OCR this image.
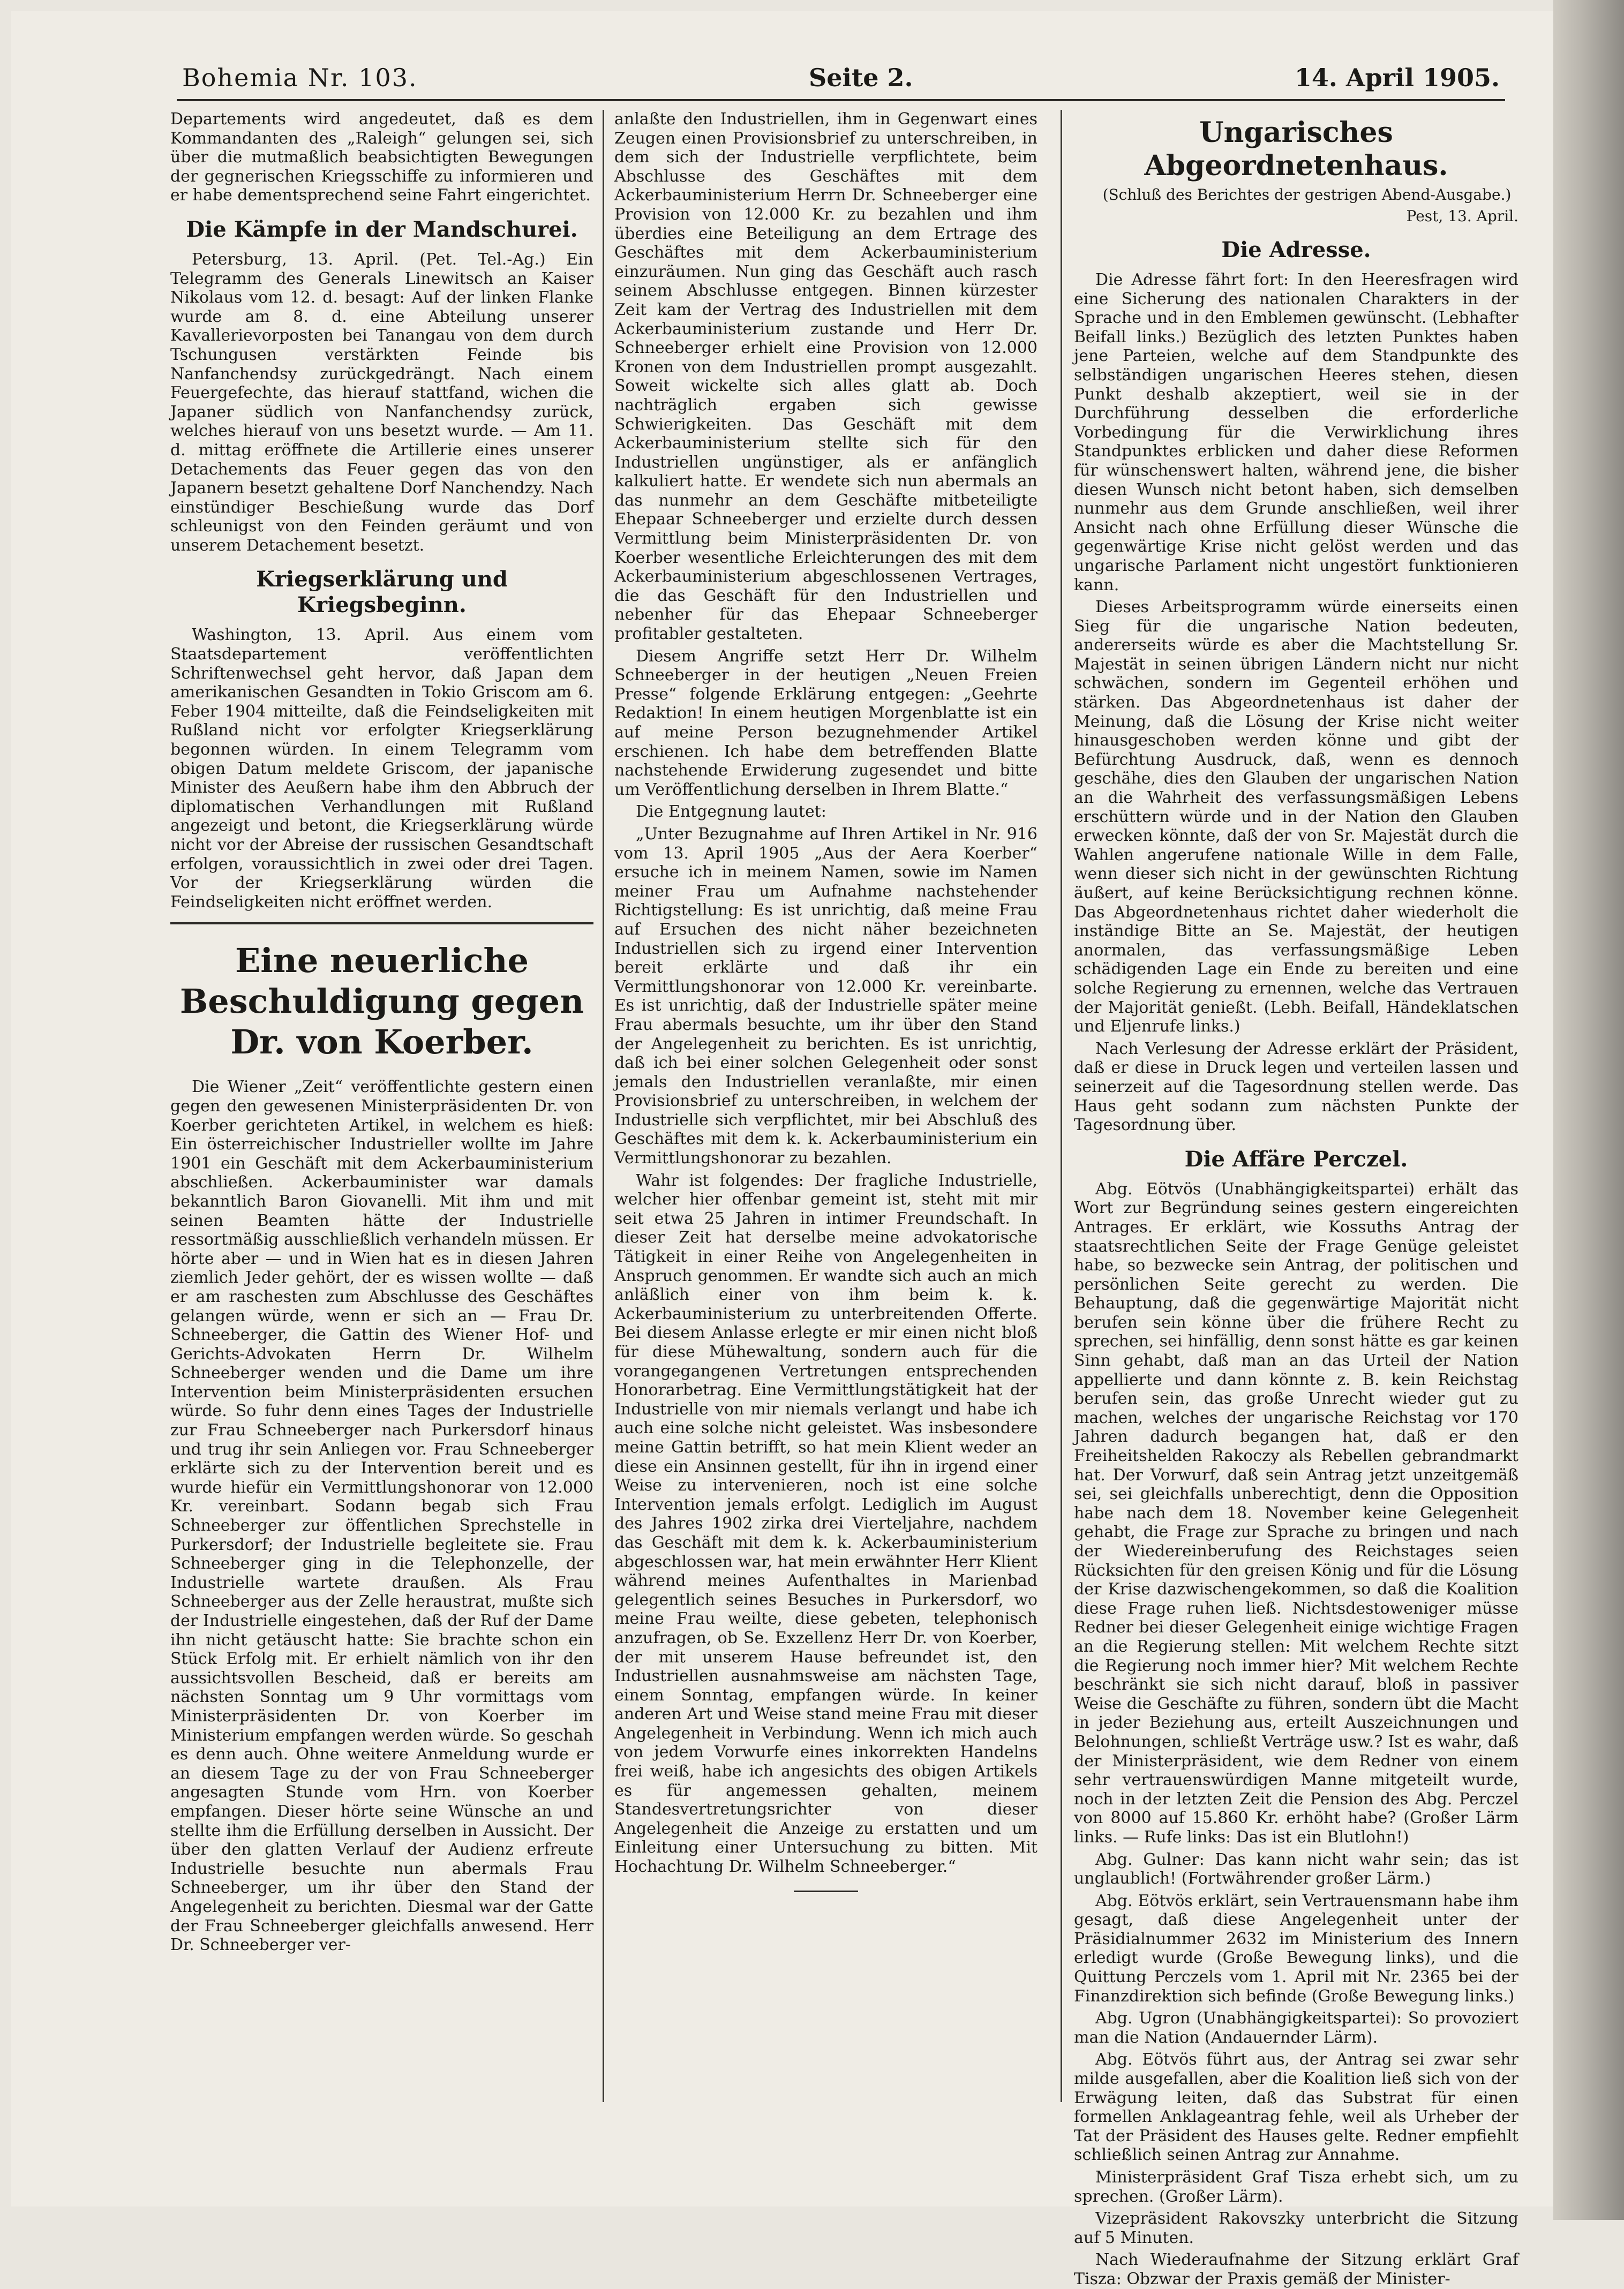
Bohemia Nr. 103.	Seite 2.	14. April 1905.

Departements wird angedeutet, daß es dem Kommandanten des „Raleigh“ gelungen sei, sich über die mutmaßlich beabsichtigten Bewegungen der gegnerischen Kriegsschiffe zu informieren und er habe dementsprechend seine Fahrt eingerichtet.

Die Kämpfe in der Mandschurei.

Petersburg, 13. April. (Pet. Tel.-Ag.) Ein Telegramm des Generals Linewitsch an Kaiser Nikolaus vom 12. d. besagt: Auf der linken Flanke wurde am 8. d. eine Abteilung unserer Kavallerievorposten bei Tanangau von dem durch Tschungusen verstärkten Feinde bis Nanfanchendsy zurückgedrängt. Nach einem Feuergefechte, das hierauf stattfand, wichen die Japaner südlich von Nanfanchendsy zurück, welches hierauf von uns besetzt wurde. — Am 11. d. mittag eröffnete die Artillerie eines unserer Detachements das Feuer gegen das von den Japanern besetzt gehaltene Dorf Nanchendzy. Nach einstündiger Beschießung wurde das Dorf schleunigst von den Feinden geräumt und von unserem Detachement besetzt.

Kriegserklärung und Kriegsbeginn.

Washington, 13. April. Aus einem vom Staatsdepartement veröffentlichten Schriftenwechsel geht hervor, daß Japan dem amerikanischen Gesandten in Tokio Griscom am 6. Feber 1904 mitteilte, daß die Feindseligkeiten mit Rußland nicht vor erfolgter Kriegserklärung begonnen würden. In einem Telegramm vom obigen Datum meldete Griscom, der japanische Minister des Aeußern habe ihm den Abbruch der diplomatischen Verhandlungen mit Rußland angezeigt und betont, die Kriegserklärung würde nicht vor der Abreise der russischen Gesandtschaft erfolgen, voraussichtlich in zwei oder drei Tagen. Vor der Kriegserklärung würden die Feindseligkeiten nicht eröffnet werden.

Eine neuerliche Beschuldigung gegen Dr. von Koerber.

Die Wiener „Zeit“ veröffentlichte gestern einen gegen den gewesenen Ministerpräsidenten Dr. von Koerber gerichteten Artikel, in welchem es hieß: Ein österreichischer Industrieller wollte im Jahre 1901 ein Geschäft mit dem Ackerbauministerium abschließen. Ackerbauminister war damals bekanntlich Baron Giovanelli. Mit ihm und mit seinen Beamten hätte der Industrielle ressortmäßig ausschließlich verhandeln müssen. Er hörte aber — und in Wien hat es in diesen Jahren ziemlich Jeder gehört, der es wissen wollte — daß er am raschesten zum Abschlusse des Geschäftes gelangen würde, wenn er sich an — Frau Dr. Schneeberger, die Gattin des Wiener Hof- und Gerichts-Advokaten Herrn Dr. Wilhelm Schneeberger wenden und die Dame um ihre Intervention beim Ministerpräsidenten ersuchen würde. So fuhr denn eines Tages der Industrielle zur Frau Schneeberger nach Purkersdorf hinaus und trug ihr sein Anliegen vor. Frau Schneeberger erklärte sich zu der Intervention bereit und es wurde hiefür ein Vermittlungshonorar von 12.000 Kr. vereinbart. Sodann begab sich Frau Schneeberger zur öffentlichen Sprechstelle in Purkersdorf; der Industrielle begleitete sie. Frau Schneeberger ging in die Telephonzelle, der Industrielle wartete draußen. Als Frau Schneeberger aus der Zelle heraustrat, mußte sich der Industrielle eingestehen, daß der Ruf der Dame ihn nicht getäuscht hatte: Sie brachte schon ein Stück Erfolg mit. Er erhielt nämlich von ihr den aussichtsvollen Bescheid, daß er bereits am nächsten Sonntag um 9 Uhr vormittags vom Ministerpräsidenten Dr. von Koerber im Ministerium empfangen werden würde. So geschah es denn auch. Ohne weitere Anmeldung wurde er an diesem Tage zu der von Frau Schneeberger angesagten Stunde vom Hrn. von Koerber empfangen. Dieser hörte seine Wünsche an und stellte ihm die Erfüllung derselben in Aussicht. Der über den glatten Verlauf der Audienz erfreute Industrielle besuchte nun abermals Frau Schneeberger, um ihr über den Stand der Angelegenheit zu berichten. Diesmal war der Gatte der Frau Schneeberger gleichfalls anwesend. Herr Dr. Schneeberger ver-

anlaßte den Industriellen, ihm in Gegenwart eines Zeugen einen Provisionsbrief zu unterschreiben, in dem sich der Industrielle verpflichtete, beim Abschlusse des Geschäftes mit dem Ackerbauministerium Herrn Dr. Schneeberger eine Provision von 12.000 Kr. zu bezahlen und ihm überdies eine Beteiligung an dem Ertrage des Geschäftes mit dem Ackerbauministerium einzuräumen. Nun ging das Geschäft auch rasch seinem Abschlusse entgegen. Binnen kürzester Zeit kam der Vertrag des Industriellen mit dem Ackerbauministerium zustande und Herr Dr. Schneeberger erhielt eine Provision von 12.000 Kronen von dem Industriellen prompt ausgezahlt. Soweit wickelte sich alles glatt ab. Doch nachträglich ergaben sich gewisse Schwierigkeiten. Das Geschäft mit dem Ackerbauministerium stellte sich für den Industriellen ungünstiger, als er anfänglich kalkuliert hatte. Er wendete sich nun abermals an das nunmehr an dem Geschäfte mitbeteiligte Ehepaar Schneeberger und erzielte durch dessen Vermittlung beim Ministerpräsidenten Dr. von Koerber wesentliche Erleichterungen des mit dem Ackerbauministerium abgeschlossenen Vertrages, die das Geschäft für den Industriellen und nebenher für das Ehepaar Schneeberger profitabler gestalteten.

Diesem Angriffe setzt Herr Dr. Wilhelm Schneeberger in der heutigen „Neuen Freien Presse“ folgende Erklärung entgegen: „Geehrte Redaktion! In einem heutigen Morgenblatte ist ein auf meine Person bezugnehmender Artikel erschienen. Ich habe dem betreffenden Blatte nachstehende Erwiderung zugesendet und bitte um Veröffentlichung derselben in Ihrem Blatte.“

Die Entgegnung lautet:

„Unter Bezugnahme auf Ihren Artikel in Nr. 916 vom 13. April 1905 „Aus der Aera Koerber“ ersuche ich in meinem Namen, sowie im Namen meiner Frau um Aufnahme nachstehender Richtigstellung: Es ist unrichtig, daß meine Frau auf Ersuchen des nicht näher bezeichneten Industriellen sich zu irgend einer Intervention bereit erklärte und daß ihr ein Vermittlungshonorar von 12.000 Kr. vereinbarte. Es ist unrichtig, daß der Industrielle später meine Frau abermals besuchte, um ihr über den Stand der Angelegenheit zu berichten. Es ist unrichtig, daß ich bei einer solchen Gelegenheit oder sonst jemals den Industriellen veranlaßte, mir einen Provisionsbrief zu unterschreiben, in welchem der Industrielle sich verpflichtet, mir bei Abschluß des Geschäftes mit dem k. k. Ackerbauministerium ein Vermittlungshonorar zu bezahlen.

Wahr ist folgendes: Der fragliche Industrielle, welcher hier offenbar gemeint ist, steht mit mir seit etwa 25 Jahren in intimer Freundschaft. In dieser Zeit hat derselbe meine advokatorische Tätigkeit in einer Reihe von Angelegenheiten in Anspruch genommen. Er wandte sich auch an mich anläßlich einer von ihm beim k. k. Ackerbauministerium zu unterbreitenden Offerte. Bei diesem Anlasse erlegte er mir einen nicht bloß für diese Mühewaltung, sondern auch für die vorangegangenen Vertretungen entsprechenden Honorarbetrag. Eine Vermittlungstätigkeit hat der Industrielle von mir niemals verlangt und habe ich auch eine solche nicht geleistet. Was insbesondere meine Gattin betrifft, so hat mein Klient weder an diese ein Ansinnen gestellt, für ihn in irgend einer Weise zu intervenieren, noch ist eine solche Intervention jemals erfolgt. Lediglich im August des Jahres 1902 zirka drei Vierteljahre, nachdem das Geschäft mit dem k. k. Ackerbauministerium abgeschlossen war, hat mein erwähnter Herr Klient während meines Aufenthaltes in Marienbad gelegentlich seines Besuches in Purkersdorf, wo meine Frau weilte, diese gebeten, telephonisch anzufragen, ob Se. Exzellenz Herr Dr. von Koerber, der mit unserem Hause befreundet ist, den Industriellen ausnahmsweise am nächsten Tage, einem Sonntag, empfangen würde. In keiner anderen Art und Weise stand meine Frau mit dieser Angelegenheit in Verbindung. Wenn ich mich auch von jedem Vorwurfe eines inkorrekten Handelns frei weiß, habe ich angesichts des obigen Artikels es für angemessen gehalten, meinem Standesvertretungsrichter von dieser Angelegenheit die Anzeige zu erstatten und um Einleitung einer Untersuchung zu bitten. Mit Hochachtung Dr. Wilhelm Schneeberger.“

Ungarisches Abgeordnetenhaus.

(Schluß des Berichtes der gestrigen Abend-Ausgabe.)

Pest, 13. April.

Die Adresse.

Die Adresse fährt fort: In den Heeresfragen wird eine Sicherung des nationalen Charakters in der Sprache und in den Emblemen gewünscht. (Lebhafter Beifall links.) Bezüglich des letzten Punktes haben jene Parteien, welche auf dem Standpunkte des selbständigen ungarischen Heeres stehen, diesen Punkt deshalb akzeptiert, weil sie in der Durchführung desselben die erforderliche Vorbedingung für die Verwirklichung ihres Standpunktes erblicken und daher diese Reformen für wünschenswert halten, während jene, die bisher diesen Wunsch nicht betont haben, sich demselben nunmehr aus dem Grunde anschließen, weil ihrer Ansicht nach ohne Erfüllung dieser Wünsche die gegenwärtige Krise nicht gelöst werden und das ungarische Parlament nicht ungestört funktionieren kann.

Dieses Arbeitsprogramm würde einerseits einen Sieg für die ungarische Nation bedeuten, andererseits würde es aber die Machtstellung Sr. Majestät in seinen übrigen Ländern nicht nur nicht schwächen, sondern im Gegenteil erhöhen und stärken. Das Abgeordnetenhaus ist daher der Meinung, daß die Lösung der Krise nicht weiter hinausgeschoben werden könne und gibt der Befürchtung Ausdruck, daß, wenn es dennoch geschähe, dies den Glauben der ungarischen Nation an die Wahrheit des verfassungsmäßigen Lebens erschüttern würde und in der Nation den Glauben erwecken könnte, daß der von Sr. Majestät durch die Wahlen angerufene nationale Wille in dem Falle, wenn dieser sich nicht in der gewünschten Richtung äußert, auf keine Berücksichtigung rechnen könne. Das Abgeordnetenhaus richtet daher wiederholt die inständige Bitte an Se. Majestät, der heutigen anormalen, das verfassungsmäßige Leben schädigenden Lage ein Ende zu bereiten und eine solche Regierung zu ernennen, welche das Vertrauen der Majorität genießt. (Lebh. Beifall, Händeklatschen und Eljenrufe links.)

Nach Verlesung der Adresse erklärt der Präsident, daß er diese in Druck legen und verteilen lassen und seinerzeit auf die Tagesordnung stellen werde. Das Haus geht sodann zum nächsten Punkte der Tagesordnung über.

Die Affäre Perczel.

Abg. Eötvös (Unabhängigkeitspartei) erhält das Wort zur Begründung seines gestern eingereichten Antrages. Er erklärt, wie Kossuths Antrag der staatsrechtlichen Seite der Frage Genüge geleistet habe, so bezwecke sein Antrag, der politischen und persönlichen Seite gerecht zu werden. Die Behauptung, daß die gegenwärtige Majorität nicht berufen sein könne über die frühere Recht zu sprechen, sei hinfällig, denn sonst hätte es gar keinen Sinn gehabt, daß man an das Urteil der Nation appellierte und dann könnte z. B. kein Reichstag berufen sein, das große Unrecht wieder gut zu machen, welches der ungarische Reichstag vor 170 Jahren dadurch begangen hat, daß er den Freiheitshelden Rakoczy als Rebellen gebrandmarkt hat. Der Vorwurf, daß sein Antrag jetzt unzeitgemäß sei, sei gleichfalls unberechtigt, denn die Opposition habe nach dem 18. November keine Gelegenheit gehabt, die Frage zur Sprache zu bringen und nach der Wiedereinberufung des Reichstages seien Rücksichten für den greisen König und für die Lösung der Krise dazwischengekommen, so daß die Koalition diese Frage ruhen ließ. Nichtsdestoweniger müsse Redner bei dieser Gelegenheit einige wichtige Fragen an die Regierung stellen: Mit welchem Rechte sitzt die Regierung noch immer hier? Mit welchem Rechte beschränkt sie sich nicht darauf, bloß in passiver Weise die Geschäfte zu führen, sondern übt die Macht in jeder Beziehung aus, erteilt Auszeichnungen und Belohnungen, schließt Verträge usw.? Ist es wahr, daß der Ministerpräsident, wie dem Redner von einem sehr vertrauenswürdigen Manne mitgeteilt wurde, noch in der letzten Zeit die Pension des Abg. Perczel von 8000 auf 15.860 Kr. erhöht habe? (Großer Lärm links. — Rufe links: Das ist ein Blutlohn!)

Abg. Gulner: Das kann nicht wahr sein; das ist unglaublich! (Fortwährender großer Lärm.)

Abg. Eötvös erklärt, sein Vertrauensmann habe ihm gesagt, daß diese Angelegenheit unter der Präsidialnummer 2632 im Ministerium des Innern erledigt wurde (Große Bewegung links), und die Quittung Perczels vom 1. April mit Nr. 2365 bei der Finanzdirektion sich befinde (Große Bewegung links.)

Abg. Ugron (Unabhängigkeitspartei): So provoziert man die Nation (Andauernder Lärm).

Abg. Eötvös führt aus, der Antrag sei zwar sehr milde ausgefallen, aber die Koalition ließ sich von der Erwägung leiten, daß das Substrat für einen formellen Anklageantrag fehle, weil als Urheber der Tat der Präsident des Hauses gelte. Redner empfiehlt schließlich seinen Antrag zur Annahme.

Ministerpräsident Graf Tisza erhebt sich, um zu sprechen. (Großer Lärm).

Vizepräsident Rakovszky unterbricht die Sitzung auf 5 Minuten.

Nach Wiederaufnahme der Sitzung erklärt Graf Tisza: Obzwar der Praxis gemäß der Minister-
